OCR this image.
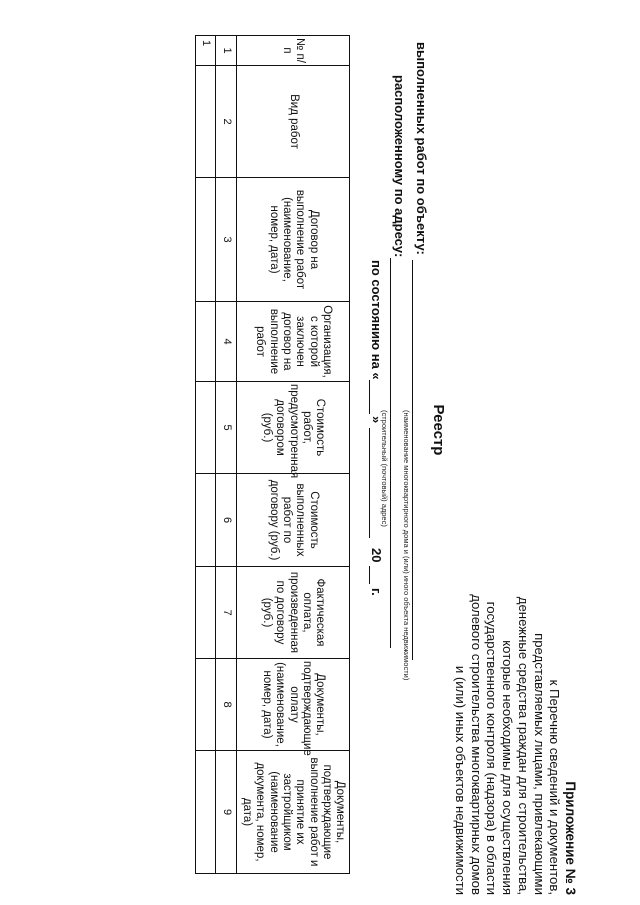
Приложение № 3
к Перечню сведений и документов,
представляемых лицами, привлекающими
денежные средства граждан для строительства,
которые необходимы для осуществления
государственного контроля (надзора) в области
долевого строительства многоквартирных домов
и (или) иных объектов недвижимости
Реестр
выполненных работ по объекту:
(наименование многоквартирного дома и (или) иного объекта недвижимости)
расположенному по адресу:
(строительный (почтовый) адрес)
по состоянию на «
»
20
г.
№ п/п	Вид работ	Договор на выполнение работ (наименование, номер, дата)	Организация, с которой заключен договор на выполнение работ	Стоимость работ, предусмотренная договором (руб.)	Стоимость выполненных работ по договору (руб.)	Фактическая оплата, произведенная по договору (руб.)	Документы, подтверждающие оплату (наименование, номер, дата)	Документы, подтверждающие выполнение работ и принятие их застройщиком (наименование документа, номер, дата)
1	2	3	4	5	6	7	8	9
1								
